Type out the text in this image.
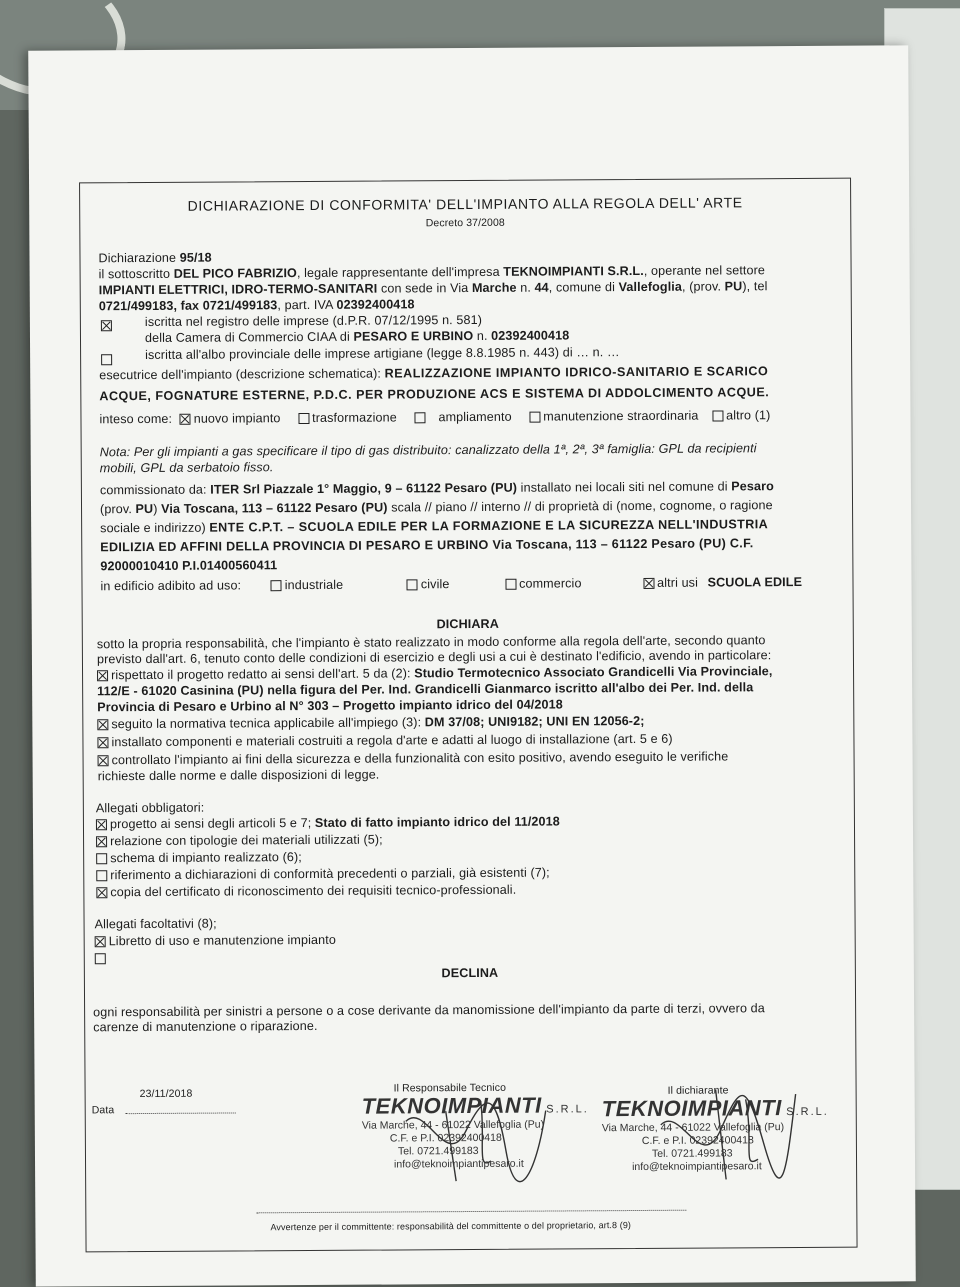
DICHIARAZIONE DI CONFORMITA' DELL'IMPIANTO ALLA REGOLA DELL' ARTE
Decreto 37/2008
Dichiarazione 95/18
il sottoscritto DEL PICO FABRIZIO, legale rappresentante dell'impresa TEKNOIMPIANTI S.R.L., operante nel settore
IMPIANTI ELETTRICI, IDRO-TERMO-SANITARI con sede in Via Marche n. 44, comune di Vallefoglia, (prov. PU), tel
0721/499183, fax 0721/499183, part. IVA 02392400418
iscritta nel registro delle imprese (d.P.R. 07/12/1995 n. 581)
della Camera di Commercio CIAA di PESARO E URBINO n. 02392400418
iscritta all'albo provinciale delle imprese artigiane (legge 8.8.1985 n. 443) di … n. …
esecutrice dell'impianto (descrizione schematica): REALIZZAZIONE IMPIANTO IDRICO-SANITARIO E SCARICO
ACQUE, FOGNATURE ESTERNE, P.D.C. PER PRODUZIONE ACS E SISTEMA DI ADDOLCIMENTO ACQUE.
inteso come: nuovo impianto	trasformazione	ampliamento	manutenzione straordinaria altro (1)
Nota: Per gli impianti a gas specificare il tipo di gas distribuito: canalizzato della 1ª, 2ª, 3ª famiglia: GPL da recipienti
mobili, GPL da serbatoio fisso.
commissionato da: ITER Srl Piazzale 1° Maggio, 9 – 61122 Pesaro (PU) installato nei locali siti nel comune di Pesaro
(prov. PU) Via Toscana, 113 – 61122 Pesaro (PU) scala // piano // interno // di proprietà di (nome, cognome, o ragione
sociale e indirizzo) ENTE C.P.T. – SCUOLA EDILE PER LA FORMAZIONE E LA SICUREZZA NELL'INDUSTRIA
EDILIZIA ED AFFINI DELLA PROVINCIA DI PESARO E URBINO Via Toscana, 113 – 61122 Pesaro (PU) C.F.
92000010410 P.I.01400560411
in edificio adibito ad uso:	industriale	civile	commercio	altri usi SCUOLA EDILE
DICHIARA
sotto la propria responsabilità, che l'impianto è stato realizzato in modo conforme alla regola dell'arte, secondo quanto
previsto dall'art. 6, tenuto conto delle condizioni di esercizio e degli usi a cui è destinato l'edificio, avendo in particolare:
rispettato il progetto redatto ai sensi dell'art. 5 da (2): Studio Termotecnico Associato Grandicelli Via Provinciale,
112/E - 61020 Casinina (PU) nella figura del Per. Ind. Grandicelli Gianmarco iscritto all'albo dei Per. Ind. della
Provincia di Pesaro e Urbino al N° 303 – Progetto impianto idrico del 04/2018
seguito la normativa tecnica applicabile all'impiego (3): DM 37/08; UNI9182; UNI EN 12056-2;
installato componenti e materiali costruiti a regola d'arte e adatti al luogo di installazione (art. 5 e 6)
controllato l'impianto ai fini della sicurezza e della funzionalità con esito positivo, avendo eseguito le verifiche
richieste dalle norme e dalle disposizioni di legge.
Allegati obbligatori:
progetto ai sensi degli articoli 5 e 7; Stato di fatto impianto idrico del 11/2018
relazione con tipologie dei materiali utilizzati (5);
schema di impianto realizzato (6);
riferimento a dichiarazioni di conformità precedenti o parziali, già esistenti (7);
copia del certificato di riconoscimento dei requisiti tecnico-professionali.
Allegati facoltativi (8);
Libretto di uso e manutenzione impianto
DECLINA
ogni responsabilità per sinistri a persone o a cose derivante da manomissione dell'impianto da parte di terzi, ovvero da
carenze di manutenzione o riparazione.
23/11/2018
Data
Il Responsabile Tecnico	Il dichiarante
TEKNOIMPIANTI S.R.L.
Via Marche, 44 - 61022 Vallefoglia (Pu)
C.F. e P.I. 02392400418
Tel. 0721.499183
info@teknoimpiantipesaro.it
TEKNOIMPIANTI S.R.L.
Via Marche, 44 - 61022 Vallefoglia (Pu)
C.F. e P.I. 02392400418
Tel. 0721.499183
info@teknoimpiantipesaro.it
Avvertenze per il committente: responsabilità del committente o del proprietario, art.8 (9)
